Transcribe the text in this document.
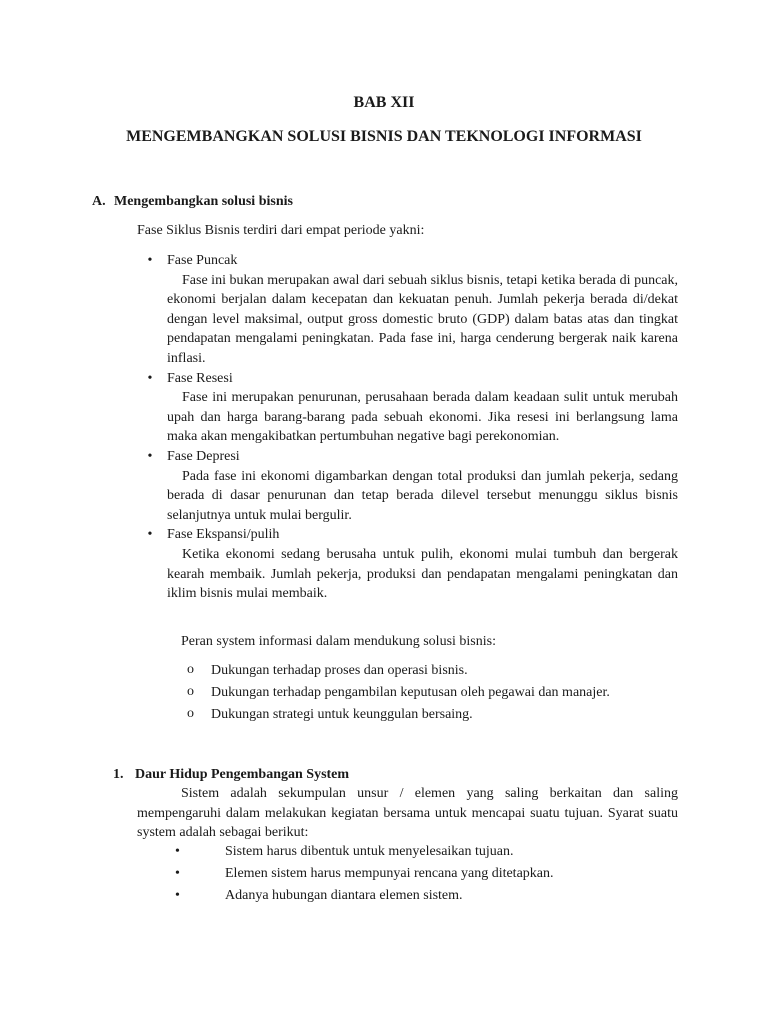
BAB XII
MENGEMBANGKAN SOLUSI BISNIS DAN TEKNOLOGI INFORMASI
A. Mengembangkan solusi bisnis
Fase Siklus Bisnis terdiri dari empat periode yakni:
•	Fase Puncak
Fase ini bukan merupakan awal dari sebuah siklus bisnis, tetapi ketika berada di puncak, ekonomi berjalan dalam kecepatan dan kekuatan penuh. Jumlah pekerja berada di/dekat dengan level maksimal, output gross domestic bruto (GDP) dalam batas atas dan tingkat pendapatan mengalami peningkatan. Pada fase ini, harga cenderung bergerak naik karena inflasi.
•	Fase Resesi
Fase ini merupakan penurunan, perusahaan berada dalam keadaan sulit untuk merubah upah dan harga barang-barang pada sebuah ekonomi. Jika resesi ini berlangsung lama maka akan mengakibatkan pertumbuhan negative bagi perekonomian.
•	Fase Depresi
Pada fase ini ekonomi digambarkan dengan total produksi dan jumlah pekerja, sedang berada di dasar penurunan dan tetap berada dilevel tersebut menunggu siklus bisnis selanjutnya untuk mulai bergulir.
•	Fase Ekspansi/pulih
Ketika ekonomi sedang berusaha untuk pulih, ekonomi mulai tumbuh dan bergerak kearah membaik. Jumlah pekerja, produksi dan pendapatan mengalami peningkatan dan iklim bisnis mulai membaik.
Peran system informasi dalam mendukung solusi bisnis:
o Dukungan terhadap proses dan operasi bisnis.
o Dukungan terhadap pengambilan keputusan oleh pegawai dan manajer.
o Dukungan strategi untuk keunggulan bersaing.
1. Daur Hidup Pengembangan System
Sistem adalah sekumpulan unsur / elemen yang saling berkaitan dan saling mempengaruhi dalam melakukan kegiatan bersama untuk mencapai suatu tujuan. Syarat suatu system adalah sebagai berikut:
•	Sistem harus dibentuk untuk menyelesaikan tujuan.
•	Elemen sistem harus mempunyai rencana yang ditetapkan.
•	Adanya hubungan diantara elemen sistem.
